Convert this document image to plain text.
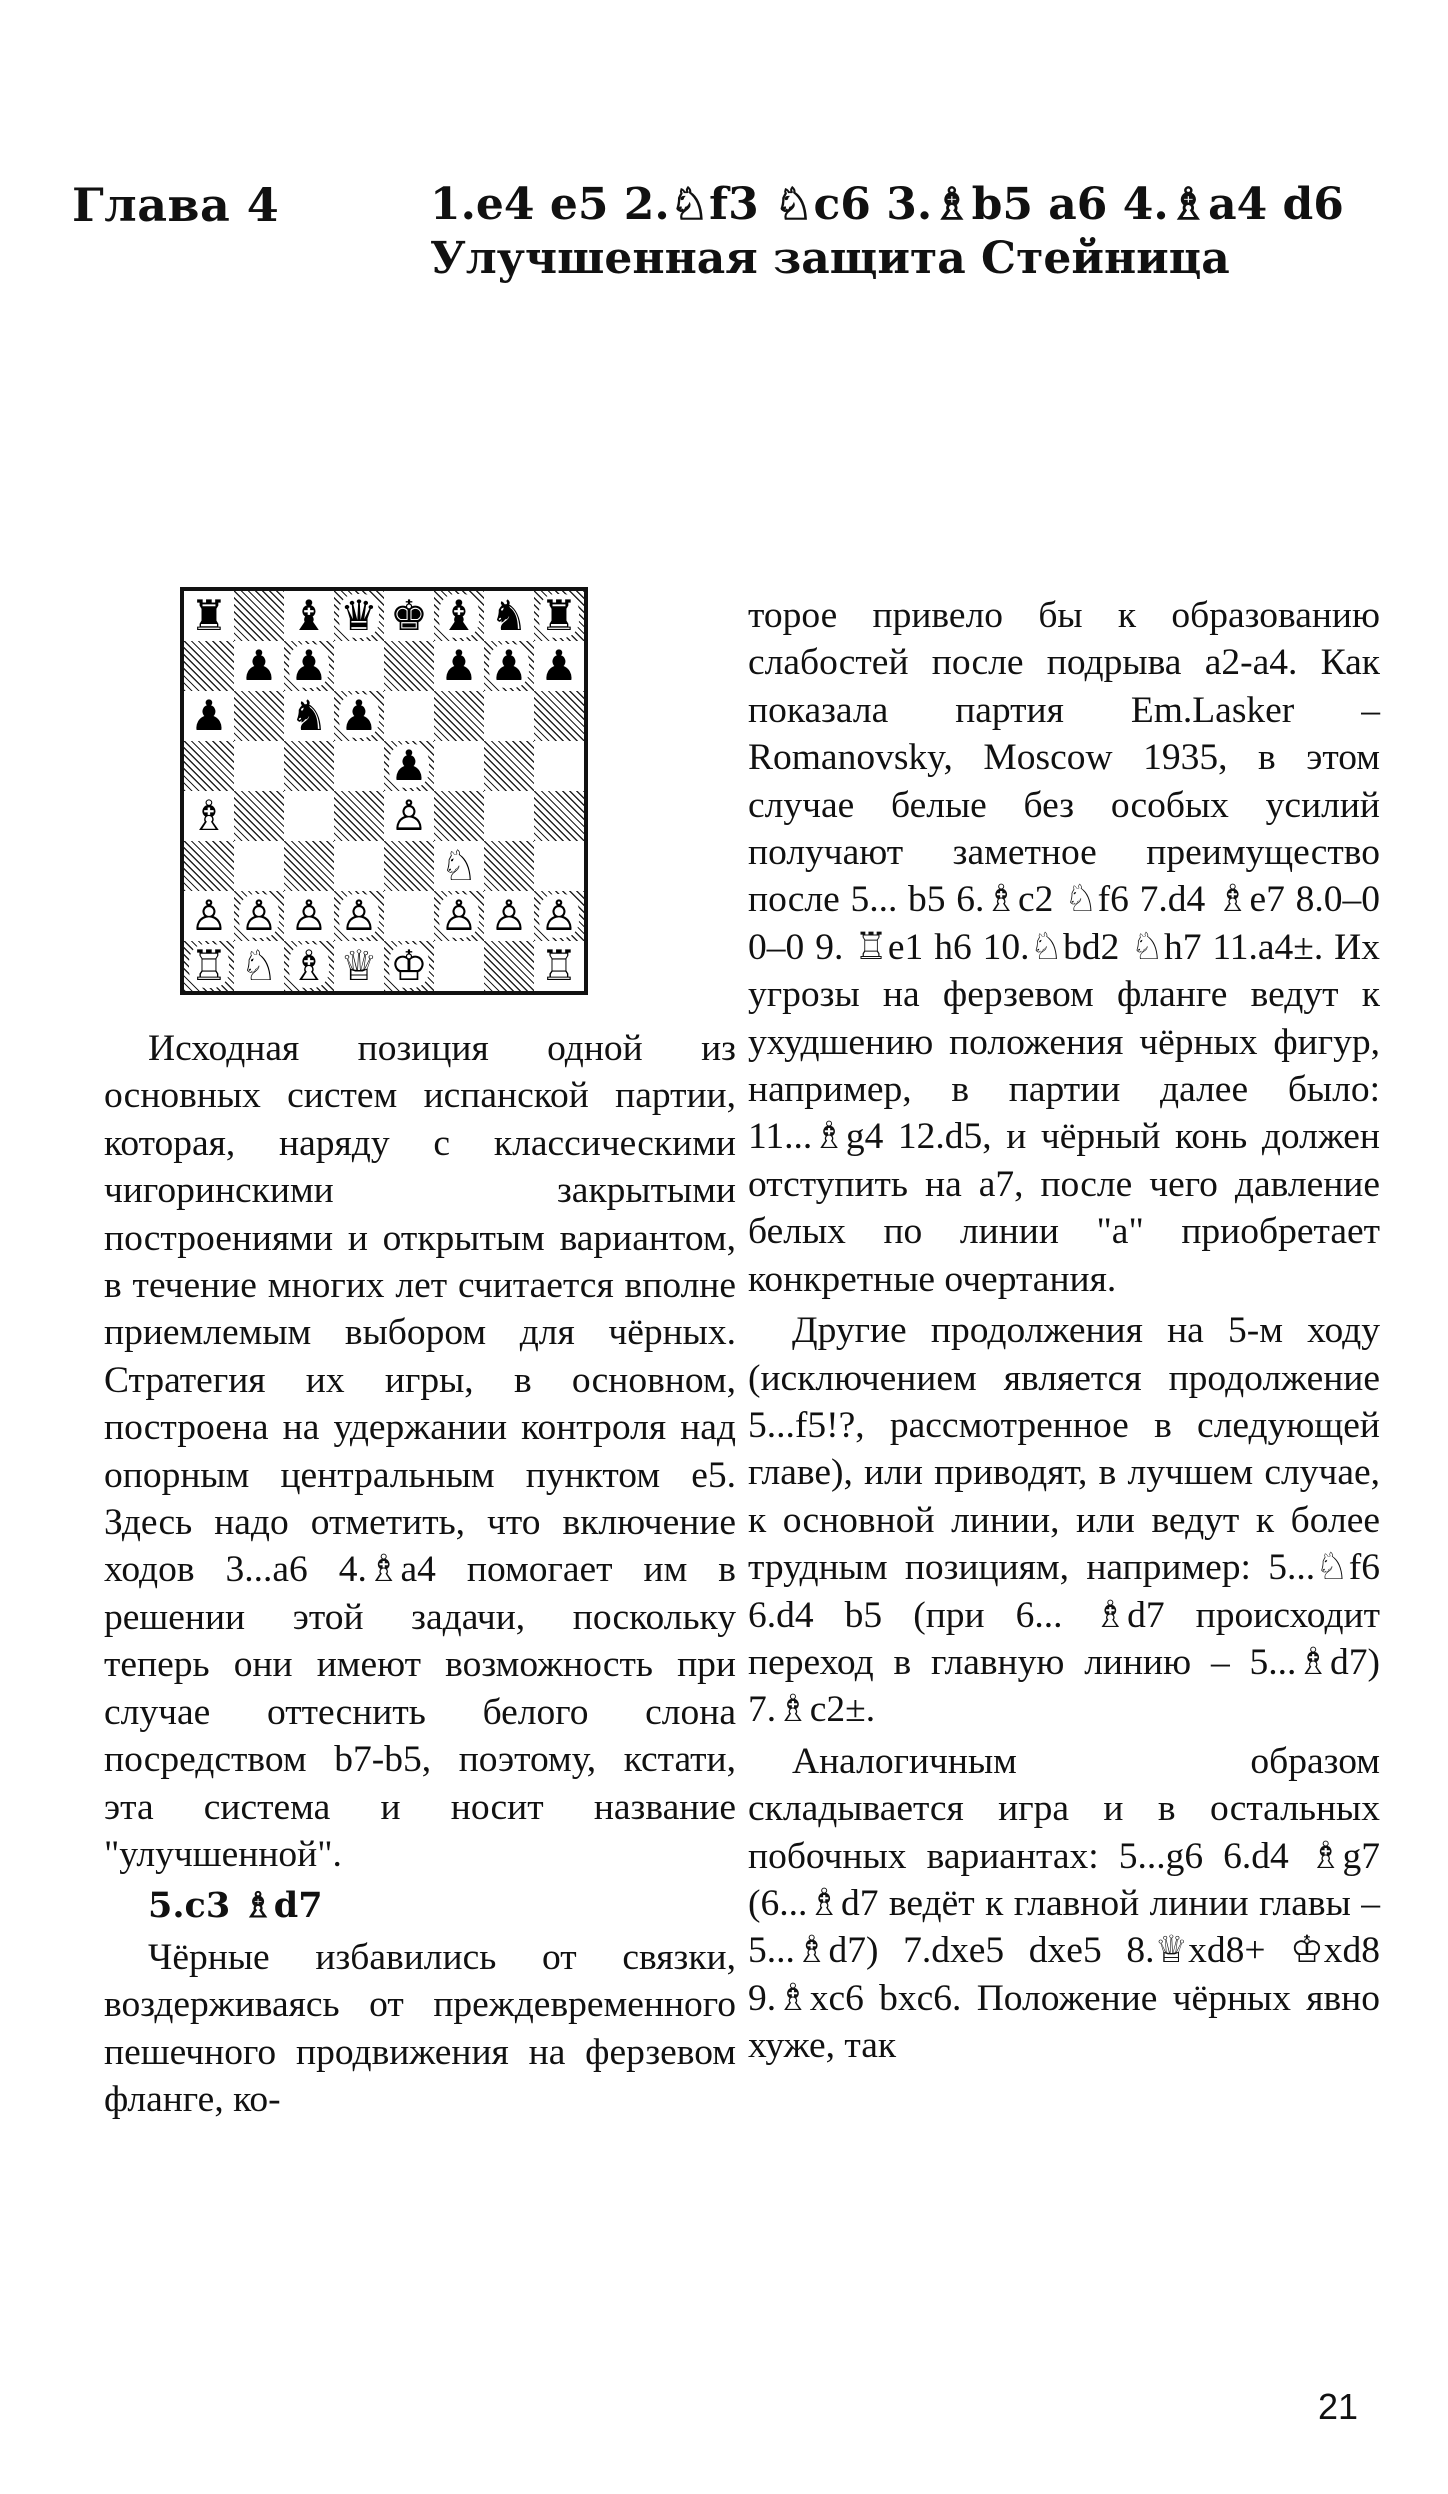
Глава 4	1.e4 e5 2.♘f3 ♘c6 3.♗b5 a6 4.♗a4 d6
Улучшенная защита Стейница
♜ ♝ ♛ ♚ ♝ ♞ ♜
♟ ♟	♟ ♟ ♟
♟ ♞ ♟
♟
♗	♙
♘
♙ ♙ ♙ ♙ ♙ ♙ ♙
♖ ♘ ♗ ♕ ♔	♖

Исходная позиция одной из основных систем испанской партии, которая, наряду с классическими чигоринскими закрытыми построениями и открытым вариантом, в течение многих лет считается вполне приемлемым выбором для чёрных. Стратегия их игры, в основном, построена на удержании контроля над опорным центральным пунктом е5. Здесь надо отметить, что включение ходов 3...а6 4.♗а4 помогает им в решении этой задачи, поскольку теперь они имеют возможность при случае оттеснить белого слона посредством b7-b5, поэтому, кстати, эта система и носит название "улучшенной".

5.c3 ♗d7

Чёрные избавились от связки, воздерживаясь от преждевременного пешечного продвижения на ферзевом фланге, ко-

торое привело бы к образованию слабостей после подрыва а2-а4. Как показала партия Em.Lasker – Romanovsky, Moscow 1935, в этом случае белые без особых усилий получают заметное преимущество после 5... b5 6.♗c2 ♘f6 7.d4 ♗e7 8.0–0 0–0 9. ♖e1 h6 10.♘bd2 ♘h7 11.a4±. Их угрозы на ферзевом фланге ведут к ухудшению положения чёрных фигур, например, в партии далее было: 11...♗g4 12.d5, и чёрный конь должен отступить на а7, после чего давление белых по линии "а" приобретает конкретные очертания.

Другие продолжения на 5-м ходу (исключением является продолжение 5...f5!?, рассмотренное в следующей главе), или приводят, в лучшем случае, к основной линии, или ведут к более трудным позициям, например: 5...♘f6 6.d4 b5 (при 6... ♗d7 происходит переход в главную линию – 5...♗d7) 7.♗c2±.

Аналогичным образом складывается игра и в остальных побочных вариантах: 5...g6 6.d4 ♗g7 (6...♗d7 ведёт к главной линии главы – 5...♗d7) 7.dxe5 dxe5 8.♕xd8+ ♔xd8 9.♗xc6 bxc6. Положение чёрных явно хуже, так

21
